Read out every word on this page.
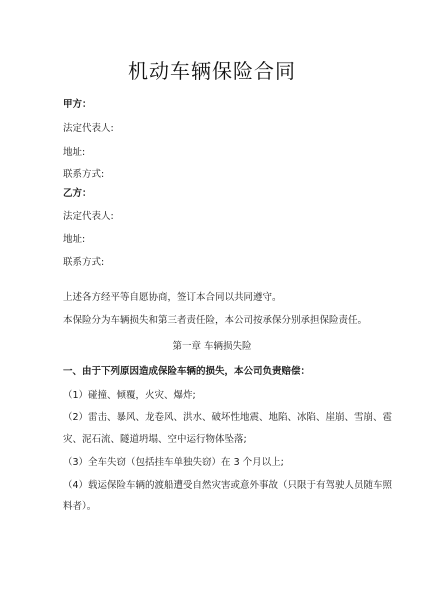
机动车辆保险合同
甲方：
法定代表人:
地址:
联系方式:
乙方：
法定代表人:
地址:
联系方式:
上述各方经平等自愿协商，签订本合同以共同遵守。
本保险分为车辆损失和第三者责任险，本公司按承保分别承担保险责任。
第一章 车辆损失险
一、由于下列原因造成保险车辆的损失，本公司负责赔偿：
（1）碰撞、倾覆，火灾、爆炸;
（2）雷击、暴风、龙卷风、洪水、破坏性地震、地陷、冰陷、崖崩、雪崩、雹
灾、泥石流、隧道坍塌、空中运行物体坠落;
（3）全车失窃（包括挂车单独失窃）在 3 个月以上;
（4）载运保险车辆的渡船遭受自然灾害或意外事故（只限于有驾驶人员随车照
料者）。
